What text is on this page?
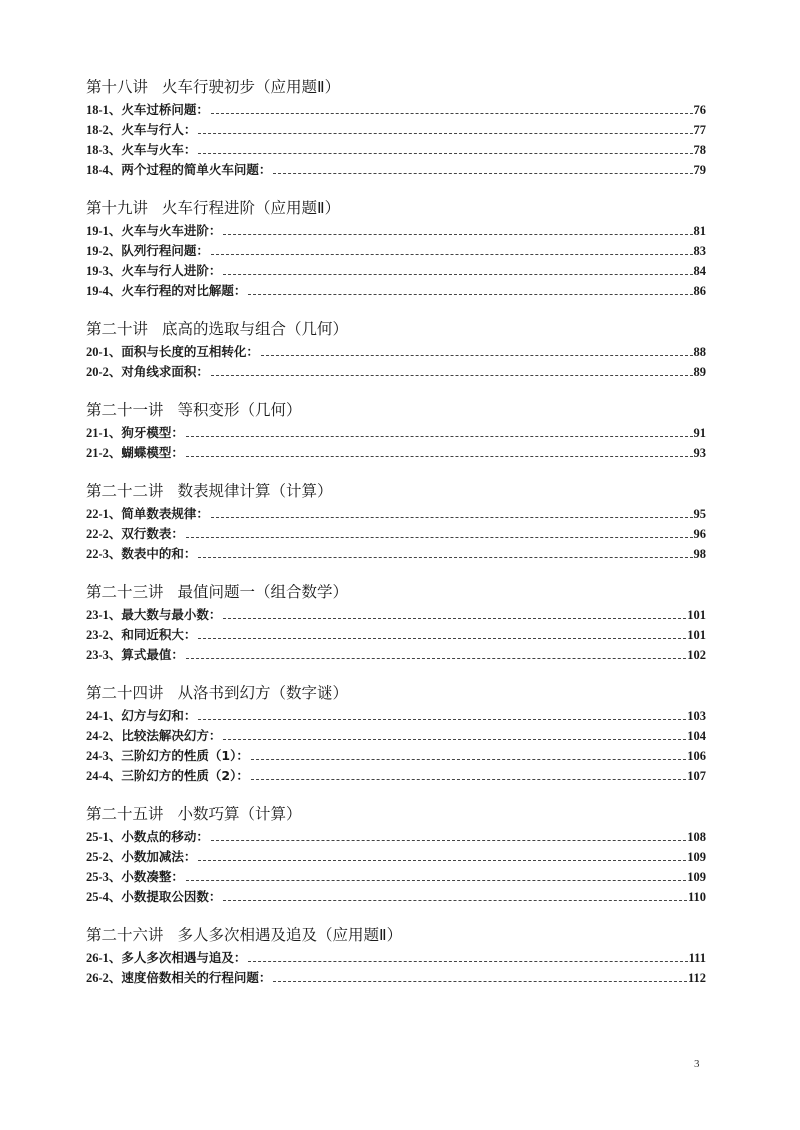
第十八讲 火车行驶初步（应用题Ⅱ）
18-1、 火车过桥问题：	76
18-2、 火车与行人：	77
18-3、 火车与火车：	78
18-4、 两个过程的简单火车问题：	79
第十九讲 火车行程进阶（应用题Ⅱ）
19-1、 火车与火车进阶：	81
19-2、 队列行程问题：	83
19-3、 火车与行人进阶：	84
19-4、 火车行程的对比解题：	86
第二十讲 底高的选取与组合（几何）
20-1、 面积与长度的互相转化：	88
20-2、 对角线求面积：	89
第二十一讲 等积变形（几何）
21-1、 狗牙模型：	91
21-2、 蝴蝶模型：	93
第二十二讲 数表规律计算（计算）
22-1、 简单数表规律：	95
22-2、 双行数表：	96
22-3、 数表中的和：	98
第二十三讲 最值问题一（组合数学）
23-1、 最大数与最小数：	101
23-2、 和同近积大：	101
23-3、 算式最值：	102
第二十四讲 从洛书到幻方（数字谜）
24-1、 幻方与幻和：	103
24-2、 比较法解决幻方：	104
24-3、 三阶幻方的性质（1）：	106
24-4、 三阶幻方的性质（2）：	107
第二十五讲 小数巧算（计算）
25-1、 小数点的移动：	108
25-2、 小数加减法：	109
25-3、 小数凑整：	109
25-4、 小数提取公因数：	110
第二十六讲 多人多次相遇及追及（应用题Ⅱ）
26-1、 多人多次相遇与追及：	111
26-2、 速度倍数相关的行程问题：	112
3
